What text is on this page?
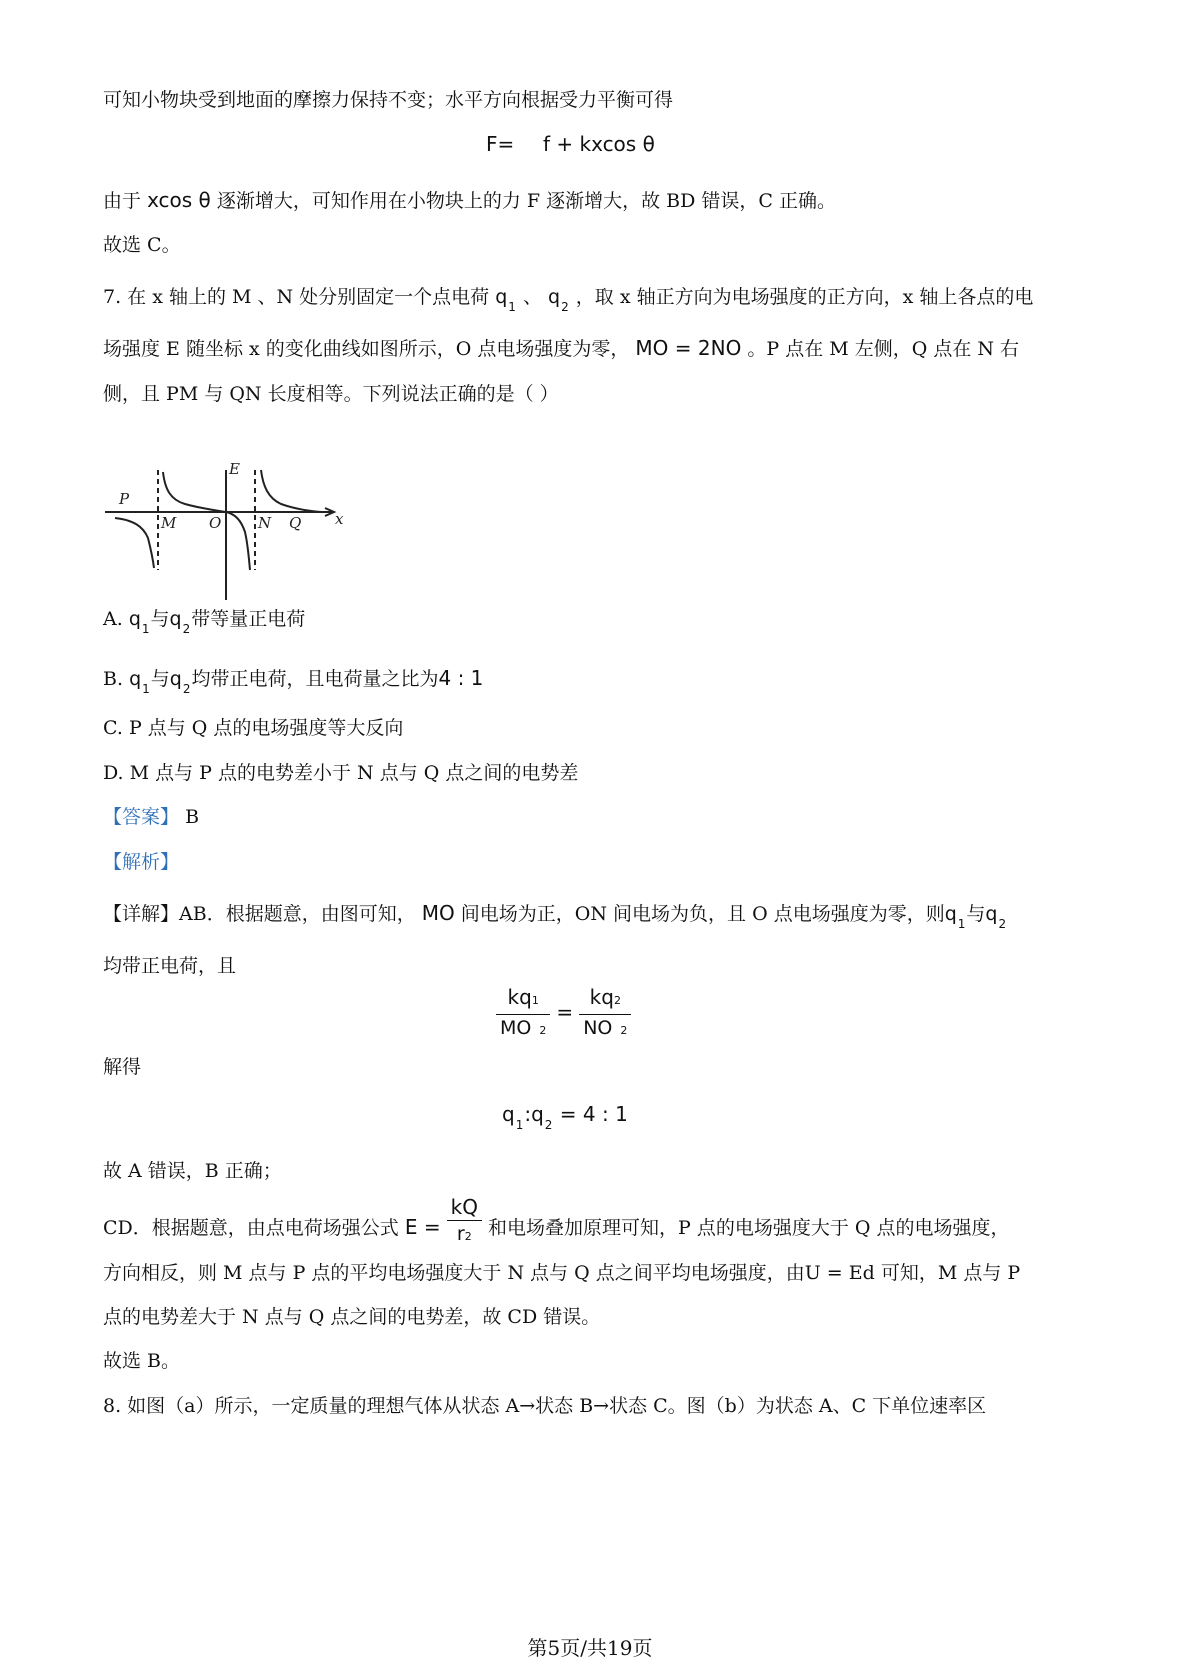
可知小物块受到地面的摩擦力保持不变；水平方向根据受力平衡可得
F= f + kxcos θ
由于 xcos θ 逐渐增大，可知作用在小物块上的力 F 逐渐增大，故 BD 错误，C 正确。
故选 C。
7. 在 x 轴上的 M 、N 处分别固定一个点电荷 $q_1$ 、 $q_2$ ，取 x 轴正方向为电场强度的正方向，x 轴上各点的电
场强度 E 随坐标 x 的变化曲线如图所示，O 点电场强度为零， MO = 2NO 。P 点在 M 左侧，Q 点在 N 右
侧，且 PM 与 QN 长度相等。下列说法正确的是（ ）
E
P
M O N Q x
A. $q_1$与$q_2$带等量正电荷
B. $q_1$与$q_2$均带正电荷，且电荷量之比为4 : 1
C. P 点与 Q 点的电场强度等大反向
D. M 点与 P 点的电势差小于 N 点与 Q 点之间的电势差
【答案】 B
【解析】
【详解】AB．根据题意，由图可知， MO 间电场为正，ON 间电场为负，且 O 点电场强度为零，则$q_1$与$q_2$
均带正电荷，且
$\frac{kq1}{MO 2} = \frac{kq2}{NO 2}$
解得
$q_1:q_2 = 4$ : 1
故 A 错误，B 正确；
CD．根据题意，由点电荷场强公式 $E = \frac{kQ}{r2}$ 和电场叠加原理可知，P 点的电场强度大于 Q 点的电场强度，
方向相反，则 M 点与 P 点的平均电场强度大于 N 点与 Q 点之间平均电场强度，由U = Ed 可知，M 点与 P
点的电势差大于 N 点与 Q 点之间的电势差，故 CD 错误。
故选 B。
8. 如图（a）所示，一定质量的理想气体从状态 A→状态 B→状态 C。图（b）为状态 A、C 下单位速率区
第5页/共19页
